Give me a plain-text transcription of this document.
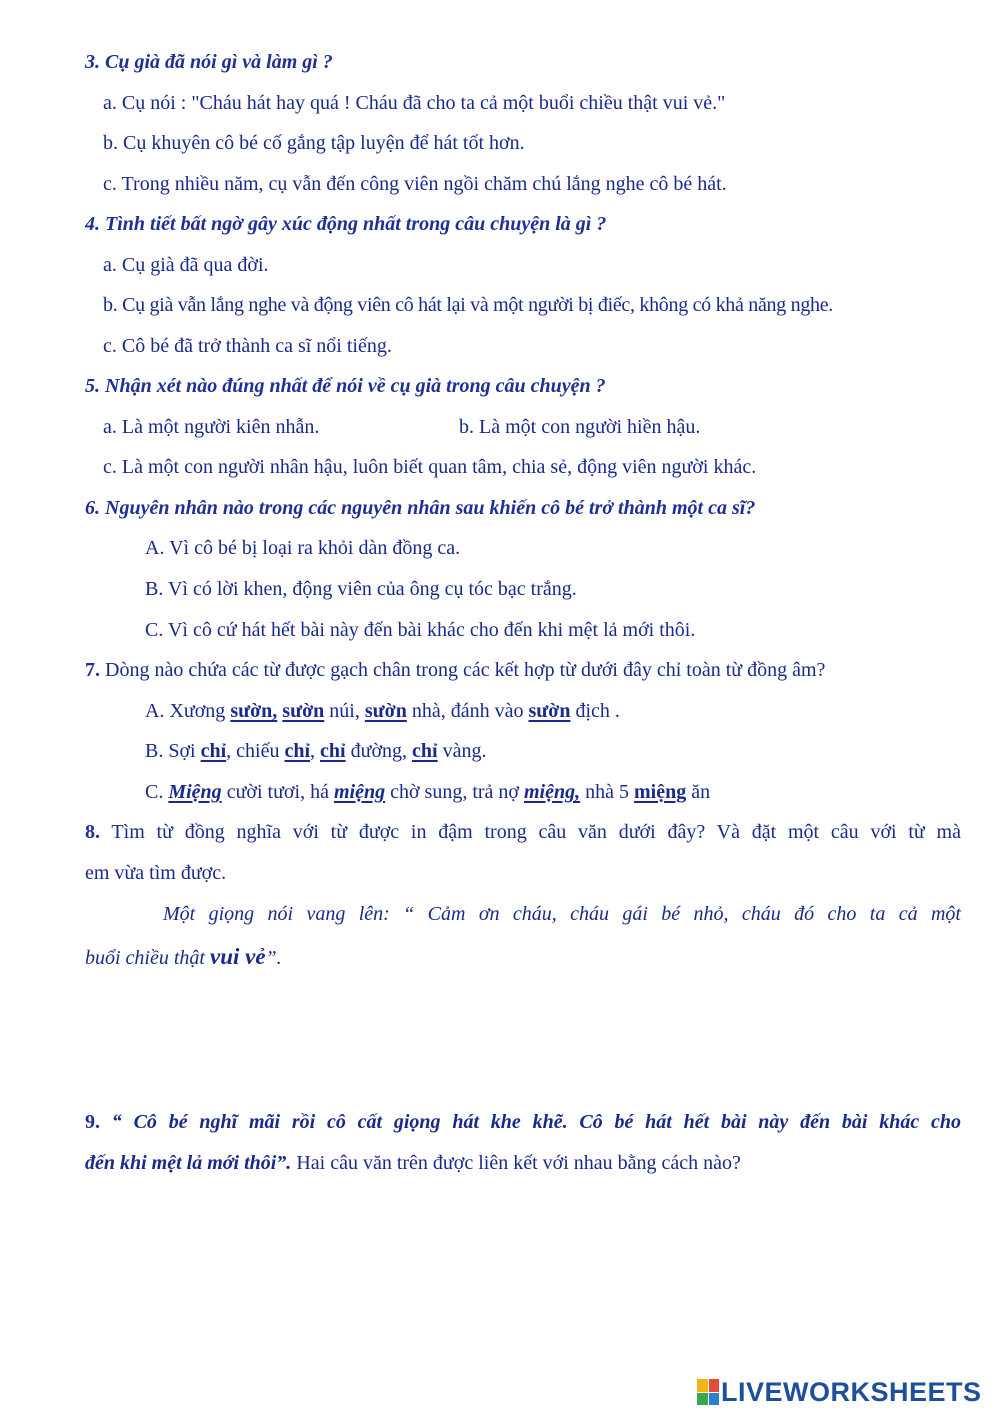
3. Cụ già đã nói gì và làm gì ?
a. Cụ nói : "Cháu hát hay quá ! Cháu đã cho ta cả một buổi chiều thật vui vẻ."
b. Cụ khuyên cô bé cố gắng tập luyện để hát tốt hơn.
c. Trong nhiều năm, cụ vẫn đến công viên ngồi chăm chú lắng nghe cô bé hát.
4. Tình tiết bất ngờ gây xúc động nhất trong câu chuyện là gì ?
a. Cụ già đã qua đời.
b. Cụ già vẫn lắng nghe và động viên cô hát lại và một người bị điếc, không có khả năng nghe.
c. Cô bé đã trở thành ca sĩ nổi tiếng.
5. Nhận xét nào đúng nhất để nói về cụ già trong câu chuyện ?
a. Là một người kiên nhẫn.	b. Là một con người hiền hậu.
c. Là một con người nhân hậu, luôn biết quan tâm, chia sẻ, động viên người khác.
6. Nguyên nhân nào trong các nguyên nhân sau khiến cô bé trở thành một ca sĩ?
A. Vì cô bé bị loại ra khỏi dàn đồng ca.
B. Vì có lời khen, động viên của ông cụ tóc bạc trắng.
C. Vì cô cứ hát hết bài này đến bài khác cho đến khi mệt lả mới thôi.
7. Dòng nào chứa các từ được gạch chân trong các kết hợp từ dưới đây chỉ toàn từ đồng âm?
A. Xương sườn, sườn núi, sườn nhà, đánh vào sườn địch .
B. Sợi chỉ, chiếu chỉ, chỉ đường, chỉ vàng.
C. Miệng cười tươi, há miệng chờ sung, trả nợ miệng, nhà 5 miệng ăn
8. Tìm từ đồng nghĩa với từ được in đậm trong câu văn dưới đây? Và đặt một câu với từ mà
em vừa tìm được.
Một giọng nói vang lên: “ Cảm ơn cháu, cháu gái bé nhỏ, cháu đó cho ta cả một
buổi chiều thật vui vẻ”.
9. “ Cô bé nghĩ mãi rồi cô cất giọng hát khe khẽ. Cô bé hát hết bài này đến bài khác cho
đến khi mệt lả mới thôi”. Hai câu văn trên được liên kết với nhau bằng cách nào?
LIVEWORKSHEETS
